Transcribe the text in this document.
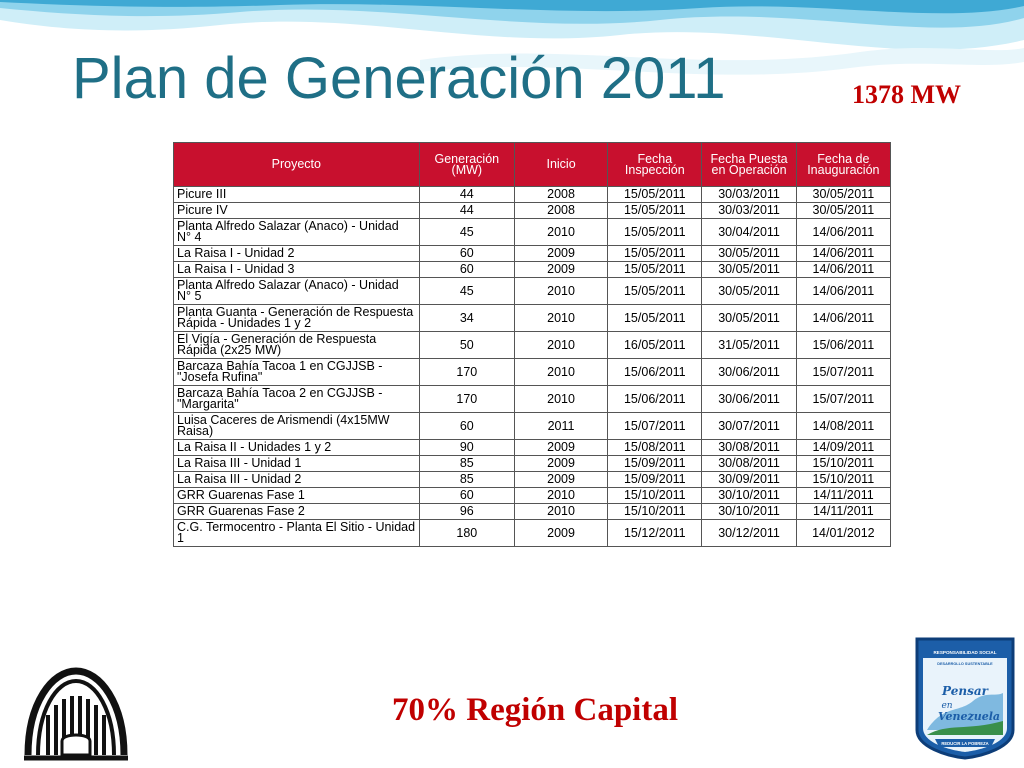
Plan de Generación 2011	1378 MW
Proyecto	Generación (MW)	Inicio	Fecha Inspección	Fecha Puesta en Operación	Fecha de Inauguración
Picure III	44	2008	15/05/2011	30/03/2011	30/05/2011
Picure IV	44	2008	15/05/2011	30/03/2011	30/05/2011
Planta Alfredo Salazar (Anaco) - Unidad N° 4	45	2010	15/05/2011	30/04/2011	14/06/2011
La Raisa I - Unidad 2	60	2009	15/05/2011	30/05/2011	14/06/2011
La Raisa I - Unidad 3	60	2009	15/05/2011	30/05/2011	14/06/2011
Planta Alfredo Salazar (Anaco) - Unidad N° 5	45	2010	15/05/2011	30/05/2011	14/06/2011
Planta Guanta - Generación de Respuesta Rápida - Unidades 1 y 2	34	2010	15/05/2011	30/05/2011	14/06/2011
El Vigía - Generación de Respuesta Rápida (2x25 MW)	50	2010	16/05/2011	31/05/2011	15/06/2011
Barcaza Bahía Tacoa 1 en CGJJSB - "Josefa Rufina"	170	2010	15/06/2011	30/06/2011	15/07/2011
Barcaza Bahía Tacoa 2 en CGJJSB - "Margarita"	170	2010	15/06/2011	30/06/2011	15/07/2011
Luisa Caceres de Arismendi (4x15MW Raisa)	60	2011	15/07/2011	30/07/2011	14/08/2011
La Raisa II - Unidades 1 y 2	90	2009	15/08/2011	30/08/2011	14/09/2011
La Raisa III - Unidad 1	85	2009	15/09/2011	30/08/2011	15/10/2011
La Raisa III - Unidad 2	85	2009	15/09/2011	30/09/2011	15/10/2011
GRR Guarenas Fase 1	60	2010	15/10/2011	30/10/2011	14/11/2011
GRR Guarenas Fase 2	96	2010	15/10/2011	30/10/2011	14/11/2011
C.G. Termocentro - Planta El Sitio - Unidad 1	180	2009	15/12/2011	30/12/2011	14/01/2012
70% Región Capital
RESPONSABILIDAD SOCIAL
DESARROLLO SUSTENTABLE
Pensar
en
Venezuela
REDUCIR LA POBREZA
